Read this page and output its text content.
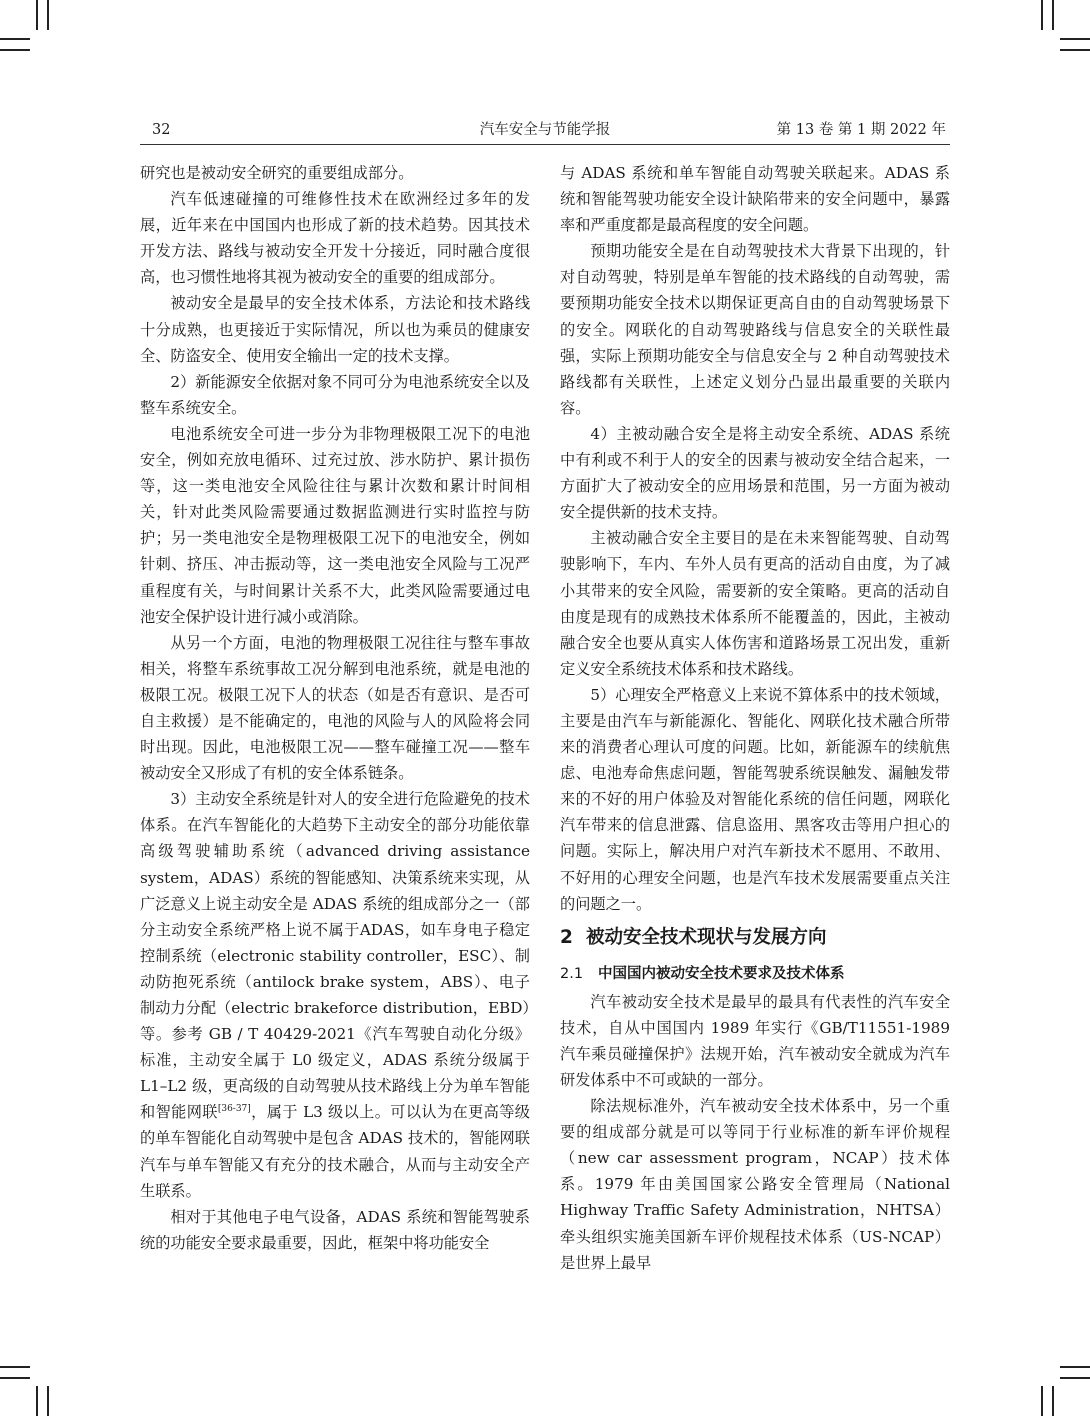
32	汽车安全与节能学报	第 13 卷 第 1 期 2022 年

研究也是被动安全研究的重要组成部分。

汽车低速碰撞的可维修性技术在欧洲经过多年的发展，近年来在中国国内也形成了新的技术趋势。因其技术开发方法、路线与被动安全开发十分接近，同时融合度很高，也习惯性地将其视为被动安全的重要的组成部分。

被动安全是最早的安全技术体系，方法论和技术路线十分成熟，也更接近于实际情况，所以也为乘员的健康安全、防盗安全、使用安全输出一定的技术支撑。

2）新能源安全依据对象不同可分为电池系统安全以及整车系统安全。

电池系统安全可进一步分为非物理极限工况下的电池安全，例如充放电循环、过充过放、涉水防护、累计损伤等，这一类电池安全风险往往与累计次数和累计时间相关，针对此类风险需要通过数据监测进行实时监控与防护；另一类电池安全是物理极限工况下的电池安全，例如针刺、挤压、冲击振动等，这一类电池安全风险与工况严重程度有关，与时间累计关系不大，此类风险需要通过电池安全保护设计进行减小或消除。

从另一个方面，电池的物理极限工况往往与整车事故相关，将整车系统事故工况分解到电池系统，就是电池的极限工况。极限工况下人的状态（如是否有意识、是否可自主救援）是不能确定的，电池的风险与人的风险将会同时出现。因此，电池极限工况——整车碰撞工况——整车被动安全又形成了有机的安全体系链条。

3）主动安全系统是针对人的安全进行危险避免的技术体系。在汽车智能化的大趋势下主动安全的部分功能依靠高级驾驶辅助系统（advanced driving assistance system，ADAS）系统的智能感知、决策系统来实现，从广泛意义上说主动安全是 ADAS 系统的组成部分之一（部分主动安全系统严格上说不属于ADAS，如车身电子稳定控制系统（electronic stability controller，ESC）、制动防抱死系统（antilock brake system，ABS）、电子制动力分配（electric brakeforce distribution，EBD）等。参考 GB / T 40429-2021《汽车驾驶自动化分级》标准，主动安全属于 L0 级定义，ADAS 系统分级属于 L1–L2 级，更高级的自动驾驶从技术路线上分为单车智能和智能网联[36-37]，属于 L3 级以上。可以认为在更高等级的单车智能化自动驾驶中是包含 ADAS 技术的，智能网联汽车与单车智能又有充分的技术融合，从而与主动安全产生联系。

相对于其他电子电气设备，ADAS 系统和智能驾驶系统的功能安全要求最重要，因此，框架中将功能安全

与 ADAS 系统和单车智能自动驾驶关联起来。ADAS 系统和智能驾驶功能安全设计缺陷带来的安全问题中，暴露率和严重度都是最高程度的安全问题。

预期功能安全是在自动驾驶技术大背景下出现的，针对自动驾驶，特别是单车智能的技术路线的自动驾驶，需要预期功能安全技术以期保证更高自由的自动驾驶场景下的安全。网联化的自动驾驶路线与信息安全的关联性最强，实际上预期功能安全与信息安全与 2 种自动驾驶技术路线都有关联性，上述定义划分凸显出最重要的关联内容。

4）主被动融合安全是将主动安全系统、ADAS 系统中有利或不利于人的安全的因素与被动安全结合起来，一方面扩大了被动安全的应用场景和范围，另一方面为被动安全提供新的技术支持。

主被动融合安全主要目的是在未来智能驾驶、自动驾驶影响下，车内、车外人员有更高的活动自由度，为了减小其带来的安全风险，需要新的安全策略。更高的活动自由度是现有的成熟技术体系所不能覆盖的，因此，主被动融合安全也要从真实人体伤害和道路场景工况出发，重新定义安全系统技术体系和技术路线。

5）心理安全严格意义上来说不算体系中的技术领域，主要是由汽车与新能源化、智能化、网联化技术融合所带来的消费者心理认可度的问题。比如，新能源车的续航焦虑、电池寿命焦虑问题，智能驾驶系统误触发、漏触发带来的不好的用户体验及对智能化系统的信任问题，网联化汽车带来的信息泄露、信息盗用、黑客攻击等用户担心的问题。实际上，解决用户对汽车新技术不愿用、不敢用、不好用的心理安全问题，也是汽车技术发展需要重点关注的问题之一。

2 被动安全技术现状与发展方向
2.1 中国国内被动安全技术要求及技术体系

汽车被动安全技术是最早的最具有代表性的汽车安全技术，自从中国国内 1989 年实行《GB/T11551-1989 汽车乘员碰撞保护》法规开始，汽车被动安全就成为汽车研发体系中不可或缺的一部分。

除法规标准外，汽车被动安全技术体系中，另一个重要的组成部分就是可以等同于行业标准的新车评价规程（new car assessment program，NCAP）技术体系。1979 年由美国国家公路安全管理局（National Highway Traffic Safety Administration，NHTSA）牵头组织实施美国新车评价规程技术体系（US-NCAP）是世界上最早
